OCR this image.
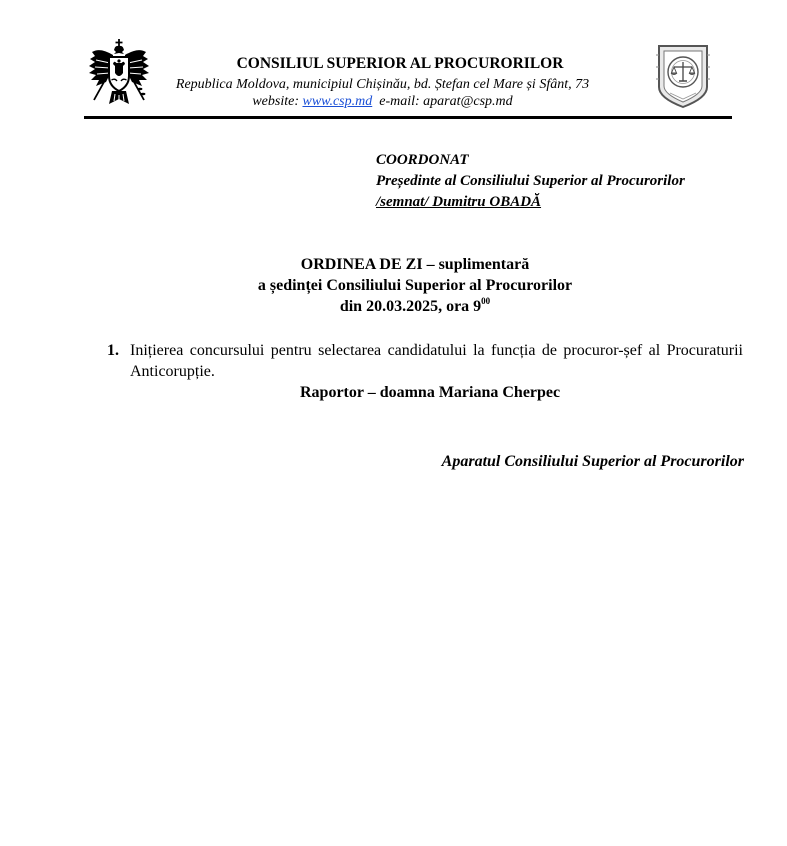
CONSILIUL SUPERIOR AL PROCURORILOR
Republica Moldova, municipiul Chișinău, bd. Ștefan cel Mare și Sfânt, 73
website: www.csp.md e-mail: aparat@csp.md
COORDONAT
Președinte al Consiliului Superior al Procurorilor
/semnat/ Dumitru OBADĂ
ORDINEA DE ZI – suplimentară
a ședinței Consiliului Superior al Procurorilor
din 20.03.2025, ora $9^{00}$
1. Inițierea concursului pentru selectarea candidatului la funcția de procuror-șef al Procuraturii Anticorupție.
Raportor – doamna Mariana Cherpec
Aparatul Consiliului Superior al Procurorilor
